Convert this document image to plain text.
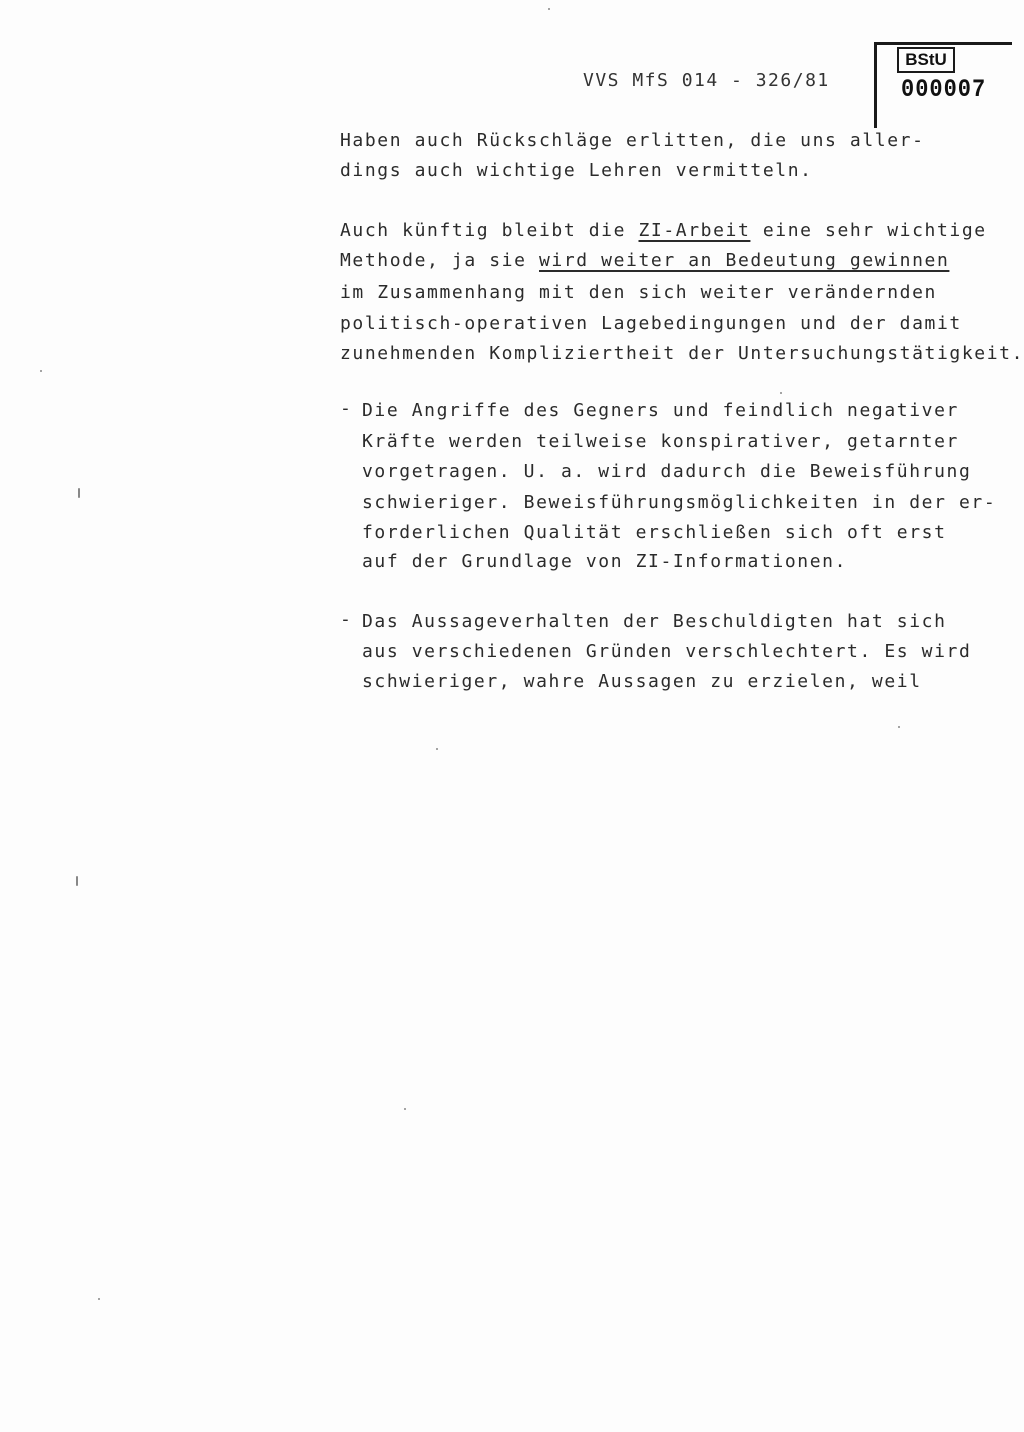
VVS MfS 014 - 326/81
BStU
000007
Haben auch Rückschläge erlitten, die uns aller-
dings auch wichtige Lehren vermitteln.
Auch künftig bleibt die ZI-Arbeit eine sehr wichtige
Methode, ja sie wird weiter an Bedeutung gewinnen
im Zusammenhang mit den sich weiter verändernden
politisch-operativen Lagebedingungen und der damit
zunehmenden Kompliziertheit der Untersuchungstätigkeit.
- Die Angriffe des Gegners und feindlich negativer
Kräfte werden teilweise konspirativer, getarnter
vorgetragen. U. a. wird dadurch die Beweisführung
schwieriger. Beweisführungsmöglichkeiten in der er-
forderlichen Qualität erschließen sich oft erst
auf der Grundlage von ZI-Informationen.
- Das Aussageverhalten der Beschuldigten hat sich
aus verschiedenen Gründen verschlechtert. Es wird
schwieriger, wahre Aussagen zu erzielen, weil
